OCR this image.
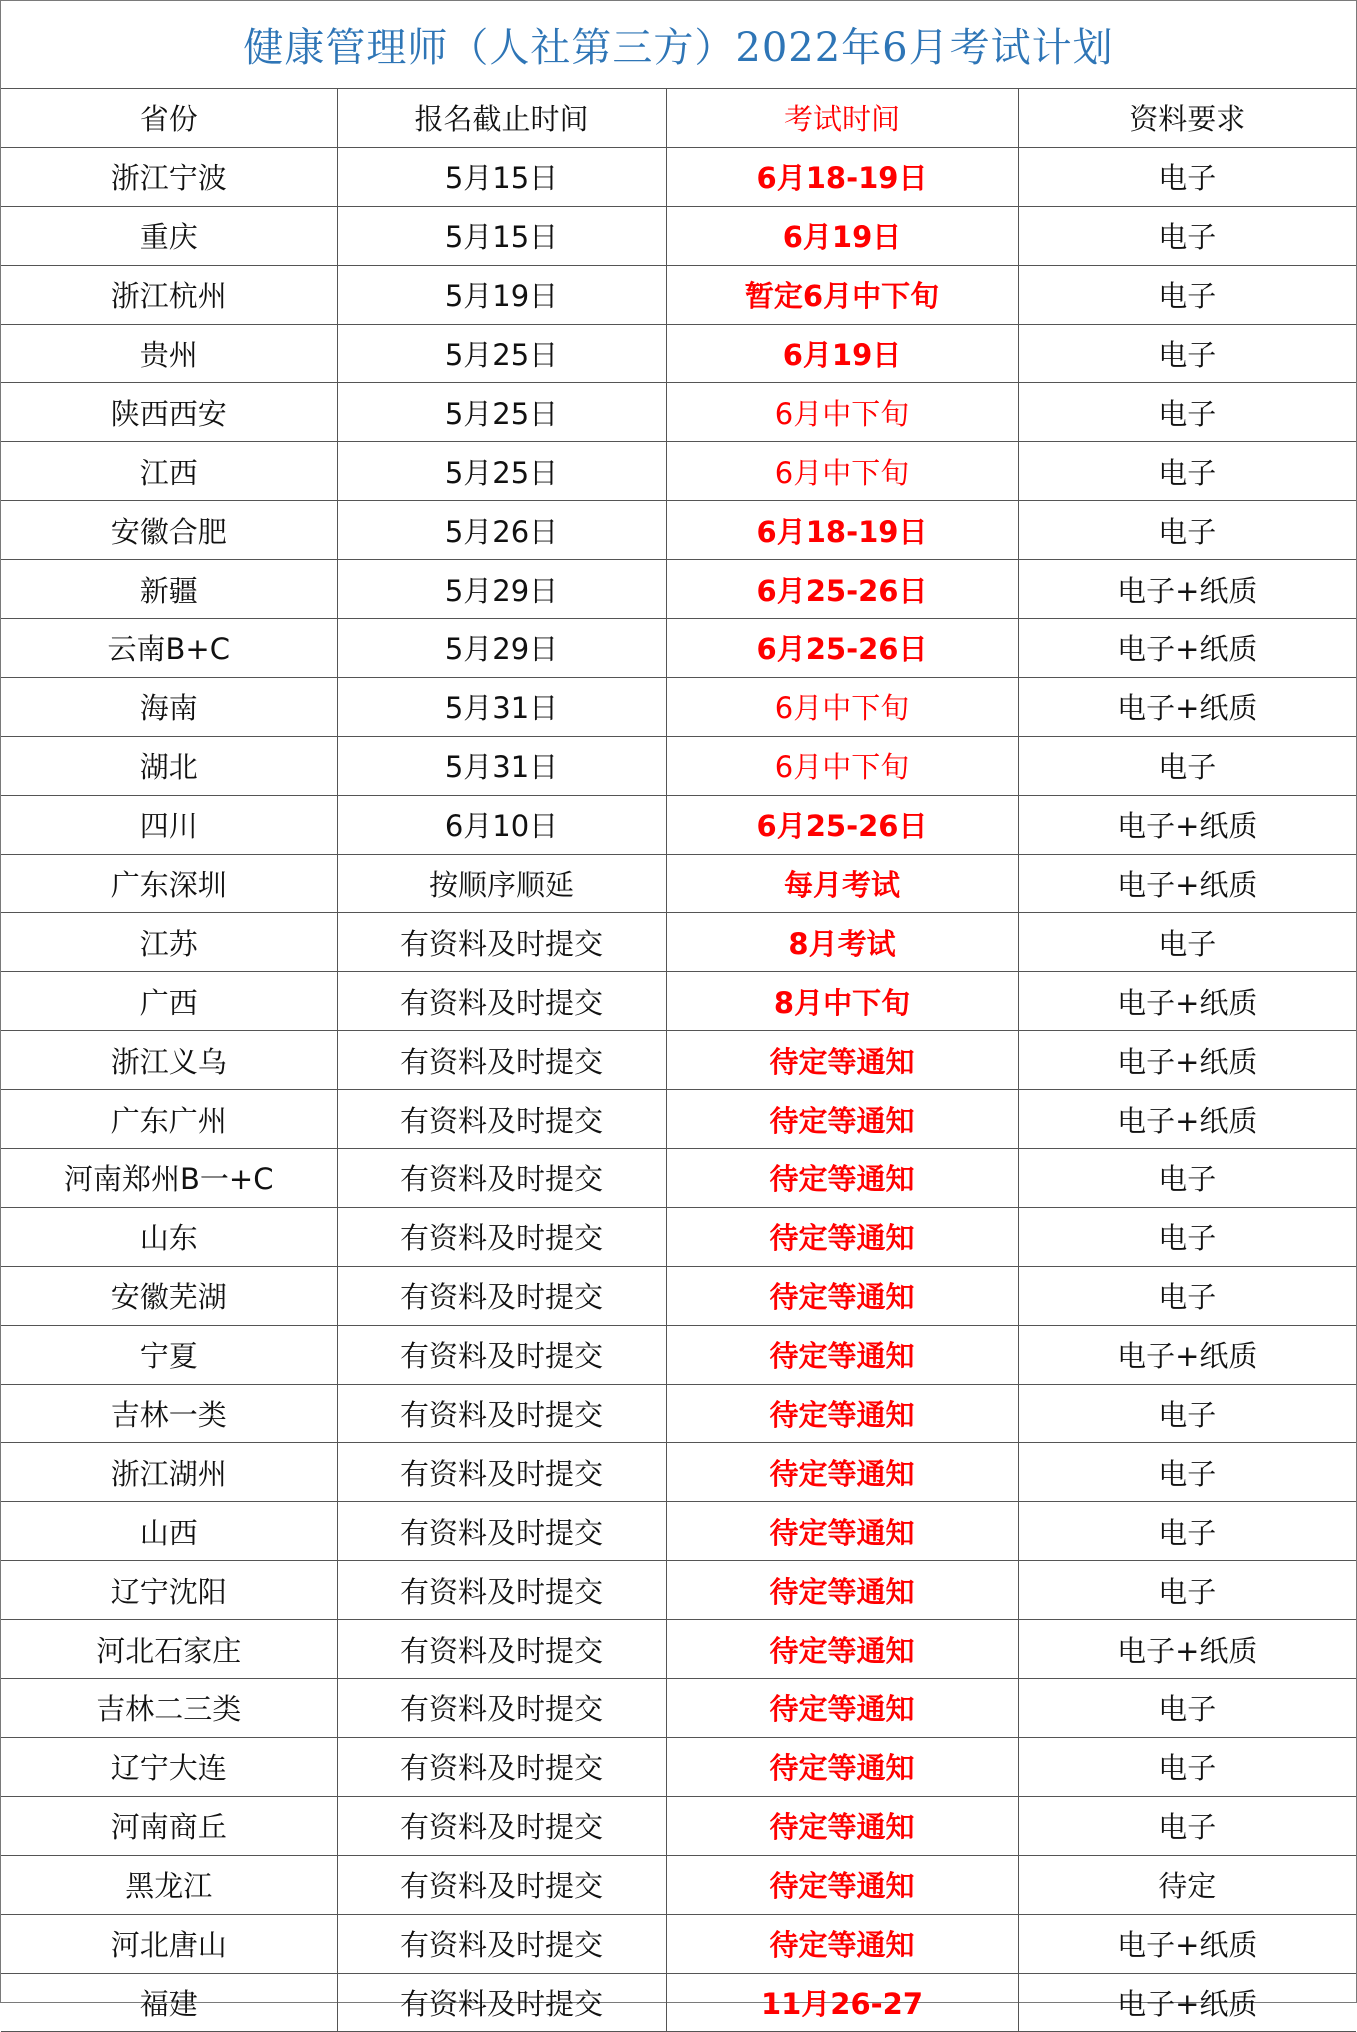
健康管理师（人社第三方）2022年6月考试计划
省份	报名截止时间	考试时间	资料要求
浙江宁波	5月15日	6月18-19日	电子
重庆	5月15日	6月19日	电子
浙江杭州	5月19日	暂定6月中下旬	电子
贵州	5月25日	6月19日	电子
陕西西安	5月25日	6月中下旬	电子
江西	5月25日	6月中下旬	电子
安徽合肥	5月26日	6月18-19日	电子
新疆	5月29日	6月25-26日	电子+纸质
云南B+C	5月29日	6月25-26日	电子+纸质
海南	5月31日	6月中下旬	电子+纸质
湖北	5月31日	6月中下旬	电子
四川	6月10日	6月25-26日	电子+纸质
广东深圳	按顺序顺延	每月考试	电子+纸质
江苏	有资料及时提交	8月考试	电子
广西	有资料及时提交	8月中下旬	电子+纸质
浙江义乌	有资料及时提交	待定等通知	电子+纸质
广东广州	有资料及时提交	待定等通知	电子+纸质
河南郑州B一+C	有资料及时提交	待定等通知	电子
山东	有资料及时提交	待定等通知	电子
安徽芜湖	有资料及时提交	待定等通知	电子
宁夏	有资料及时提交	待定等通知	电子+纸质
吉林一类	有资料及时提交	待定等通知	电子
浙江湖州	有资料及时提交	待定等通知	电子
山西	有资料及时提交	待定等通知	电子
辽宁沈阳	有资料及时提交	待定等通知	电子
河北石家庄	有资料及时提交	待定等通知	电子+纸质
吉林二三类	有资料及时提交	待定等通知	电子
辽宁大连	有资料及时提交	待定等通知	电子
河南商丘	有资料及时提交	待定等通知	电子
黑龙江	有资料及时提交	待定等通知	待定
河北唐山	有资料及时提交	待定等通知	电子+纸质
福建	有资料及时提交	11月26-27	电子+纸质
